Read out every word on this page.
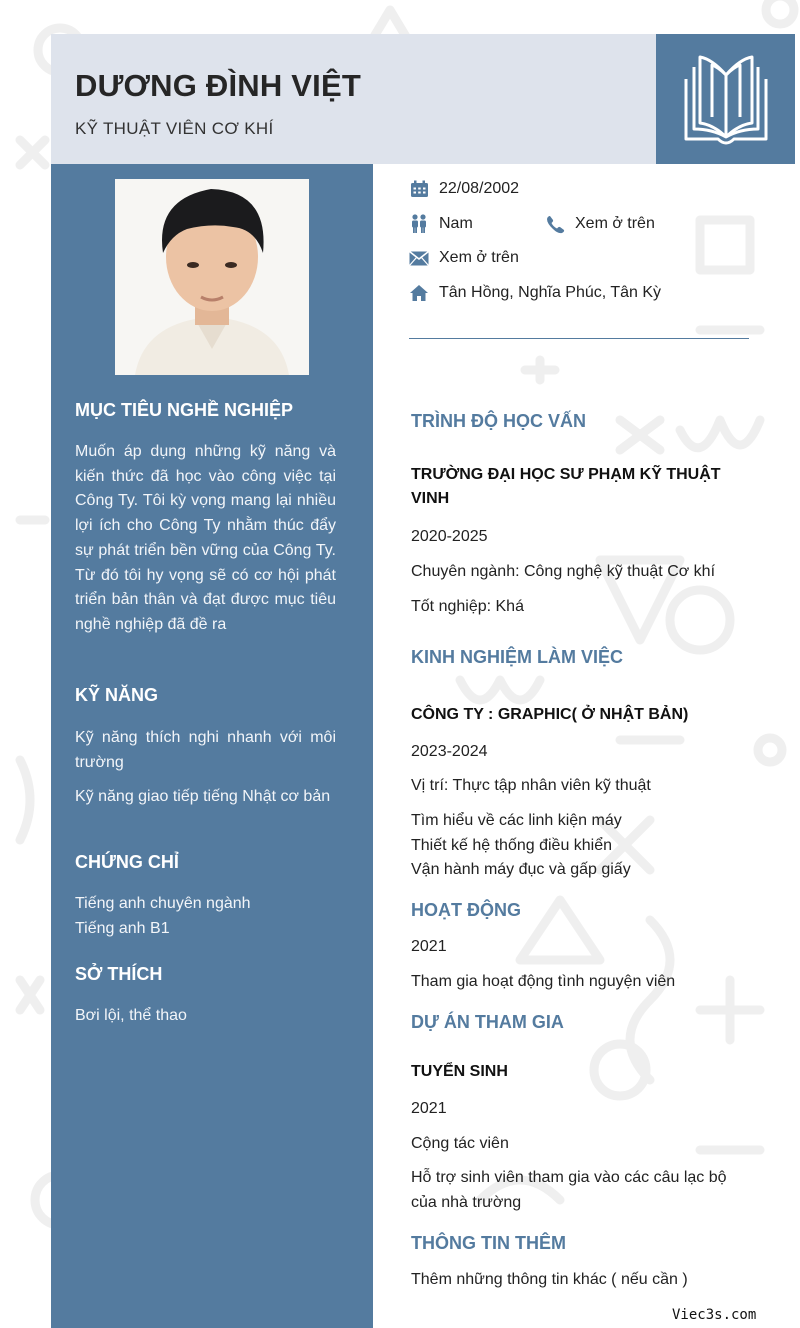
DƯƠNG ĐÌNH VIỆT
KỸ THUẬT VIÊN CƠ KHÍ
MỤC TIÊU NGHỀ NGHIỆP
Muốn áp dụng những kỹ năng và kiến thức đã học vào công việc tại Công Ty. Tôi kỳ vọng mang lại nhiều lợi ích cho Công Ty nhằm thúc đẩy sự phát triển bền vững của Công Ty. Từ đó tôi hy vọng sẽ có cơ hội phát triển bản thân và đạt được mục tiêu nghề nghiệp đã đề ra
KỸ NĂNG
Kỹ năng thích nghi nhanh với môi trường
Kỹ năng giao tiếp tiếng Nhật cơ bản
CHỨNG CHỈ
Tiếng anh chuyên ngành
Tiếng anh B1
SỞ THÍCH
Bơi lội, thể thao
22/08/2002
Nam	Xem ở trên
Xem ở trên
Tân Hồng, Nghĩa Phúc, Tân Kỳ
TRÌNH ĐỘ HỌC VẤN
TRƯỜNG ĐẠI HỌC SƯ PHẠM KỸ THUẬT VINH
2020-2025
Chuyên ngành: Công nghệ kỹ thuật Cơ khí
Tốt nghiệp: Khá
KINH NGHIỆM LÀM VIỆC
CÔNG TY : GRAPHIC( Ở NHẬT BẢN)
2023-2024
Vị trí: Thực tập nhân viên kỹ thuật
Tìm hiểu về các linh kiện máy
Thiết kế hệ thống điều khiển
Vận hành máy đục và gấp giấy
HOẠT ĐỘNG
2021
Tham gia hoạt động tình nguyện viên
DỰ ÁN THAM GIA
TUYỂN SINH
2021
Cộng tác viên
Hỗ trợ sinh viên tham gia vào các câu lạc bộ của nhà trường
THÔNG TIN THÊM
Thêm những thông tin khác ( nếu cần )
Viec3s.com
